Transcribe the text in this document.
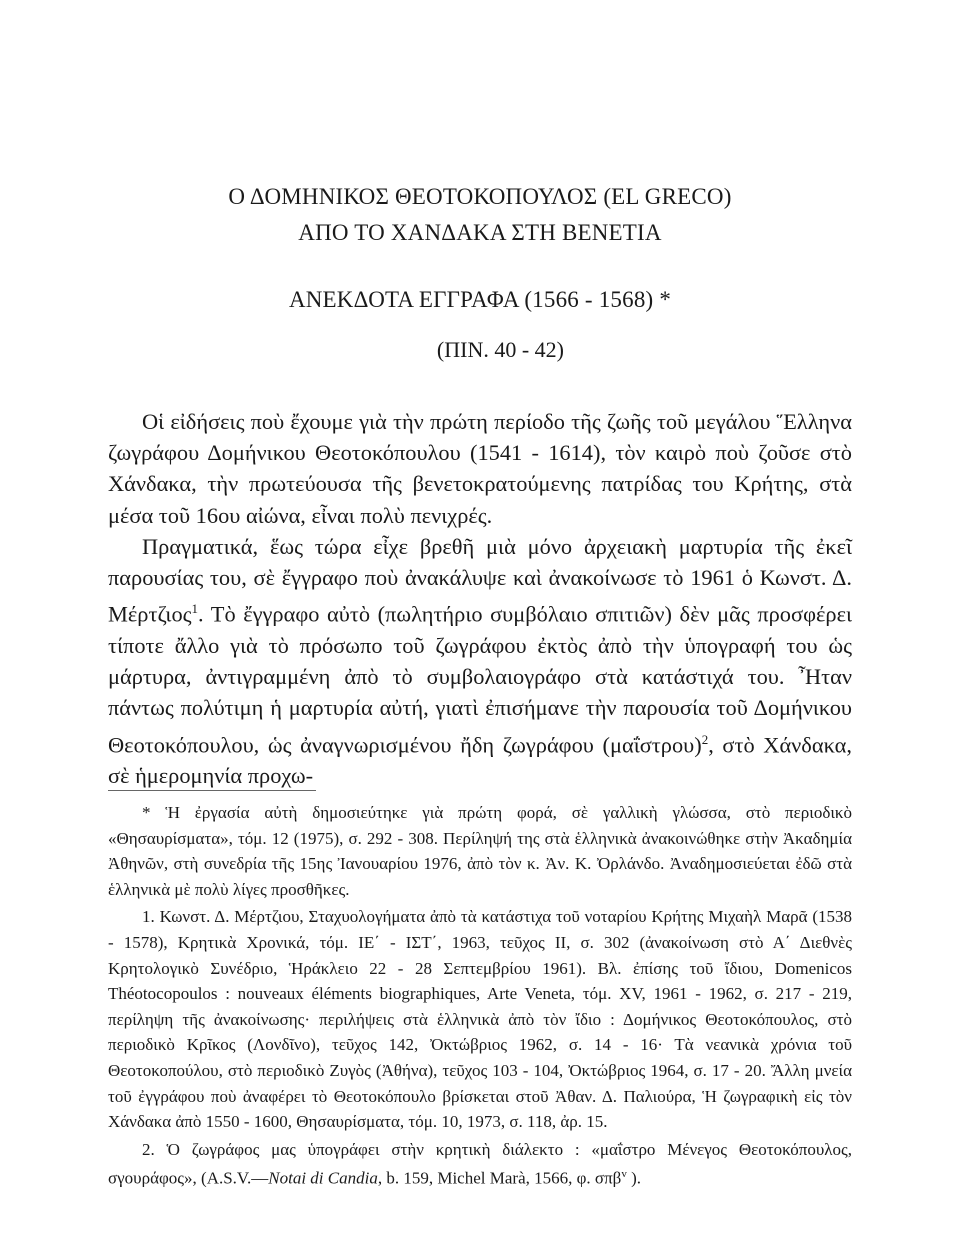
Ο ΔΟΜΗΝΙΚΟΣ ΘΕΟΤΟΚΟΠΟΥΛΟΣ (EL GRECO)
ΑΠΟ ΤΟ ΧΑΝΔΑΚΑ ΣΤΗ ΒΕΝΕΤΙΑ
ΑΝΕΚΔΟΤΑ ΕΓΓΡΑΦΑ (1566 - 1568) *
(ΠΙΝ. 40 - 42)

Οἱ εἰδήσεις ποὺ ἔχουμε γιὰ τὴν πρώτη περίοδο τῆς ζωῆς τοῦ μεγάλου Ἕλληνα ζωγράφου Δομήνικου Θεοτοκόπουλου (1541 - 1614), τὸν καιρὸ ποὺ ζοῦσε στὸ Χάνδακα, τὴν πρωτεύουσα τῆς βενετοκρατούμενης πατρίδας του Κρήτης, στὰ μέσα τοῦ 16ου αἰώνα, εἶναι πολὺ πενιχρές.

Πραγματικά, ἕως τώρα εἶχε βρεθῆ μιὰ μόνο ἀρχειακὴ μαρτυρία τῆς ἐκεῖ παρουσίας του, σὲ ἔγγραφο ποὺ ἀνακάλυψε καὶ ἀνακοίνωσε τὸ 1961 ὁ Κωνστ. Δ. Μέρτζιος$^1$. Τὸ ἔγγραφο αὐτὸ (πωλητήριο συμβόλαιο σπιτιῶν) δὲν μᾶς προσφέρει τίποτε ἄλλο γιὰ τὸ πρόσωπο τοῦ ζωγράφου ἐκτὸς ἀπὸ τὴν ὑπογραφή του ὡς μάρτυρα, ἀντιγραμμένη ἀπὸ τὸ συμβολαιογράφο στὰ κατάστιχά του. Ἦταν πάντως πολύτιμη ἡ μαρτυρία αὐτή, γιατὶ ἐπισήμανε τὴν παρουσία τοῦ Δομήνικου Θεοτοκόπουλου, ὡς ἀναγνωρισμένου ἤδη ζωγράφου $(\mu\alpha ΐ\sigma\tau\rho o\upsilon)^2$, στὸ Χάνδακα, σὲ ἡμερομηνία προχω-

* Ἡ ἐργασία αὐτὴ δημοσιεύτηκε γιὰ πρώτη φορά, σὲ γαλλικὴ γλώσσα, στὸ περιοδικὸ «Θησαυρίσματα», τόμ. 12 (1975), σ. 292 - 308. Περίληψή της στὰ ἑλληνικὰ ἀνακοινώθηκε στὴν Ἀκαδημία Ἀθηνῶν, στὴ συνεδρία τῆς 15ης Ἰανουαρίου 1976, ἀπὸ τὸν κ. Ἀν. Κ. Ὀρλάνδο. Ἀναδημοσιεύεται ἐδῶ στὰ ἑλληνικὰ μὲ πολὺ λίγες προσθῆκες.

1. Κωνστ. Δ. Μέρτζιου, Σταχυολογήματα ἀπὸ τὰ κατάστιχα τοῦ νοταρίου Κρήτης Μιχαὴλ Μαρᾶ (1538 - 1578), Κρητικὰ Χρονικά, τόμ. ΙΕ΄ - ΙΣΤ΄, 1963, τεῦχος ΙΙ, σ. 302 (ἀνακοίνωση στὸ Α΄ Διεθνὲς Κρητολογικὸ Συνέδριο, Ἡράκλειο 22 - 28 Σεπτεμβρίου 1961). Βλ. ἐπίσης τοῦ ἴδιου, Domenicos Théotocopoulos : nouveaux éléments biographiques, Arte Veneta, τόμ. XV, 1961 - 1962, σ. 217 - 219, περίληψη τῆς ἀνακοίνωσης· περιλήψεις στὰ ἑλληνικὰ ἀπὸ τὸν ἴδιο : Δομήνικος Θεοτοκόπουλος, στὸ περιοδικὸ Κρῖκος (Λονδῖνο), τεῦχος 142, Ὀκτώβριος 1962, σ. 14 - 16· Τὰ νεανικὰ χρόνια τοῦ Θεοτοκοπούλου, στὸ περιοδικὸ Ζυγὸς (Ἀθήνα), τεῦχος 103 - 104, Ὀκτώβριος 1964, σ. 17 - 20. Ἄλλη μνεία τοῦ ἐγγράφου ποὺ ἀναφέρει τὸ Θεοτοκόπουλο βρίσκεται στοῦ Ἀθαν. Δ. Παλιούρα, Ἡ ζωγραφικὴ εἰς τὸν Χάνδακα ἀπὸ 1550 - 1600, Θησαυρίσματα, τόμ. 10, 1973, σ. 118, ἀρ. 15.

2. Ὁ ζωγράφος μας ὑπογράφει στὴν κρητικὴ διάλεκτο : «μαΐστρο Μένεγος Θεοτοκόπουλος, σγουράφος», (A.S.V.—Notai di Candia, b. 159, Michel Marà, 1566, φ. σπβ$^v$ ).
